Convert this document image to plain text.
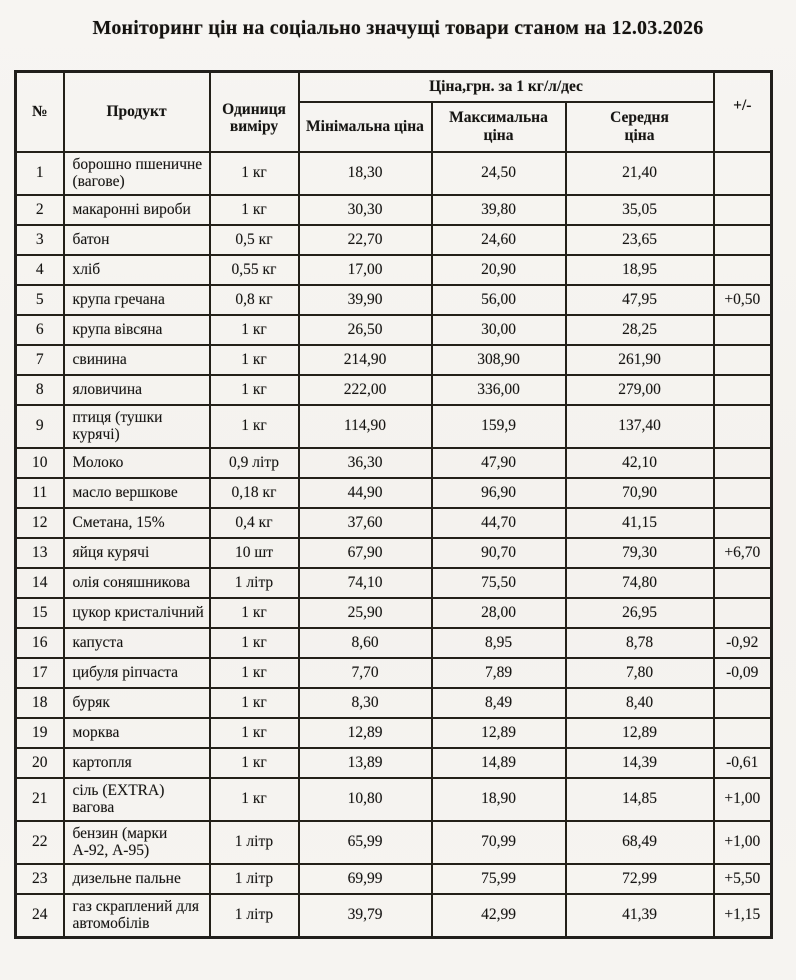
Моніторинг цін на соціально значущі товари станом на 12.03.2026
№	Продукт	Одиниця виміру	Ціна,грн. за 1 кг/л/дес			+/-
			Мінімальна ціна	Максимальна ціна	Середня ціна	
1	борошно пшеничне (вагове)	1 кг	18,30	24,50	21,40	
2	макаронні вироби	1 кг	30,30	39,80	35,05	
3	батон	0,5 кг	22,70	24,60	23,65	
4	хліб	0,55 кг	17,00	20,90	18,95	
5	крупа гречана	0,8 кг	39,90	56,00	47,95	+0,50
6	крупа вівсяна	1 кг	26,50	30,00	28,25	
7	свинина	1 кг	214,90	308,90	261,90	
8	яловичина	1 кг	222,00	336,00	279,00	
9	птиця (тушки курячі)	1 кг	114,90	159,9	137,40	
10	Молоко	0,9 літр	36,30	47,90	42,10	
11	масло вершкове	0,18 кг	44,90	96,90	70,90	
12	Сметана, 15%	0,4 кг	37,60	44,70	41,15	
13	яйця курячі	10 шт	67,90	90,70	79,30	+6,70
14	олія соняшникова	1 літр	74,10	75,50	74,80	
15	цукор кристалічний	1 кг	25,90	28,00	26,95	
16	капуста	1 кг	8,60	8,95	8,78	-0,92
17	цибуля ріпчаста	1 кг	7,70	7,89	7,80	-0,09
18	буряк	1 кг	8,30	8,49	8,40	
19	морква	1 кг	12,89	12,89	12,89	
20	картопля	1 кг	13,89	14,89	14,39	-0,61
21	сіль (EXTRA) вагова	1 кг	10,80	18,90	14,85	+1,00
22	бензин (марки А-92, А-95)	1 літр	65,99	70,99	68,49	+1,00
23	дизельне пальне	1 літр	69,99	75,99	72,99	+5,50
24	газ скраплений для автомобілів	1 літр	39,79	42,99	41,39	+1,15
